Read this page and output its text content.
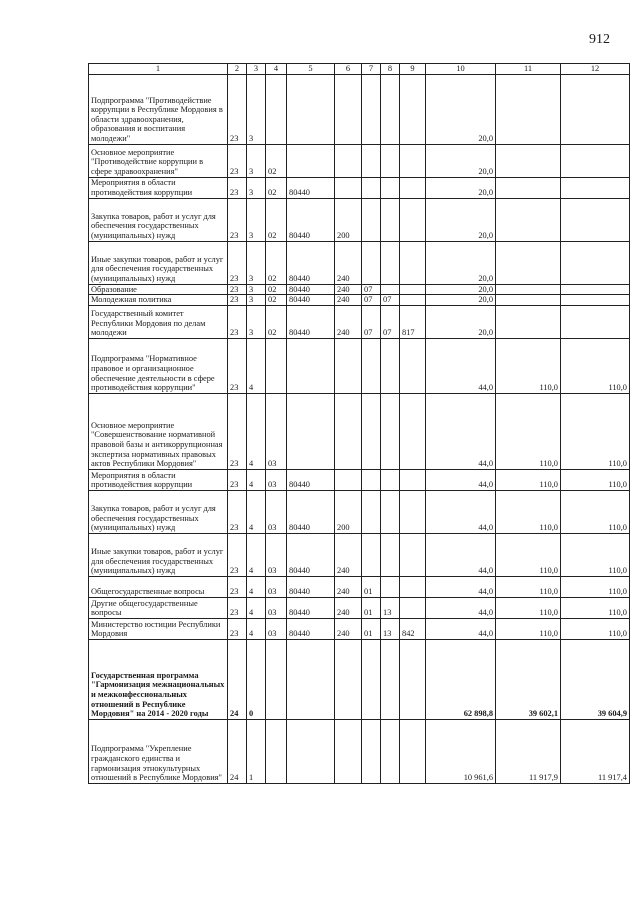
912
1	2	3	4	5	6	7	8	9	10	11	12
Подпрограмма "Противодействие коррупции в Республике Мордовия в области здравоохранения, образования и воспитания молодежи"	23	3							20,0		
Основное мероприятие "Противодействие коррупции в сфере здравоохранения"	23	3	02						20,0		
Мероприятия в области противодействия коррупции	23	3	02	80440					20,0		
Закупка товаров, работ и услуг для обеспечения государственных (муниципальных) нужд	23	3	02	80440	200				20,0		
Иные закупки товаров, работ и услуг для обеспечения государственных (муниципальных) нужд	23	3	02	80440	240				20,0		
Образование	23	3	02	80440	240	07			20,0		
Молодежная политика	23	3	02	80440	240	07	07		20,0		
Государственный комитет Республики Мордовия по делам молодежи	23	3	02	80440	240	07	07	817	20,0		
Подпрограмма "Нормативное правовое и организационное обеспечение деятельности в сфере противодействия коррупции"	23	4							44,0	110,0	110,0
Основное мероприятие "Совершенствование нормативной правовой базы и антикоррупционная экспертиза нормативных правовых актов Республики Мордовия"	23	4	03						44,0	110,0	110,0
Мероприятия в области противодействия коррупции	23	4	03	80440					44,0	110,0	110,0
Закупка товаров, работ и услуг для обеспечения государственных (муниципальных) нужд	23	4	03	80440	200				44,0	110,0	110,0
Иные закупки товаров, работ и услуг для обеспечения государственных (муниципальных) нужд	23	4	03	80440	240				44,0	110,0	110,0
Общегосударственные вопросы	23	4	03	80440	240	01			44,0	110,0	110,0
Другие общегосударственные вопросы	23	4	03	80440	240	01	13		44,0	110,0	110,0
Министерство юстиции Республики Мордовия	23	4	03	80440	240	01	13	842	44,0	110,0	110,0
Государственная программа "Гармонизация межнациональных и межконфессиональных отношений в Республике Мордовия" на 2014 - 2020 годы	24	0							62 898,8	39 602,1	39 604,9
Подпрограмма "Укрепление гражданского единства и гармонизация этнокультурных отношений в Республике Мордовия"	24	1							10 961,6	11 917,9	11 917,4
